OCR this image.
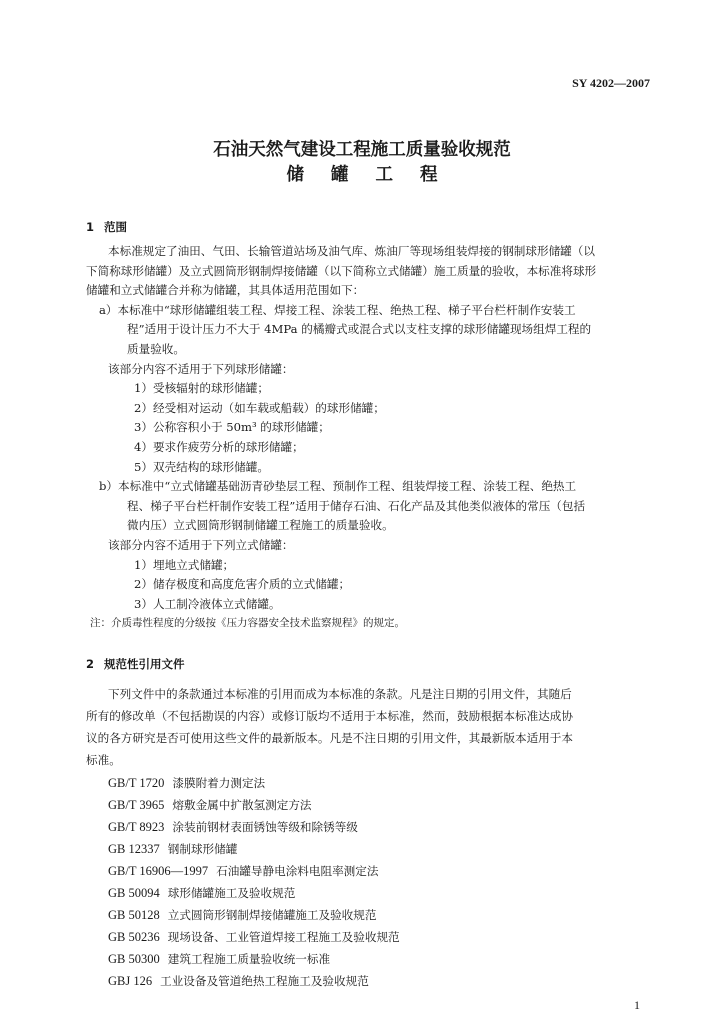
SY 4202—2007
石油天然气建设工程施工质量验收规范
储罐工程
1 范围
本标准规定了油田、气田、长输管道站场及油气库、炼油厂等现场组装焊接的钢制球形储罐（以
下简称球形储罐）及立式圆筒形钢制焊接储罐（以下简称立式储罐）施工质量的验收，本标准将球形
储罐和立式储罐合并称为储罐，其具体适用范围如下：
a）本标准中“球形储罐组装工程、焊接工程、涂装工程、绝热工程、梯子平台栏杆制作安装工
程”适用于设计压力不大于 4MPa 的橘瓣式或混合式以支柱支撑的球形储罐现场组焊工程的
质量验收。
该部分内容不适用于下列球形储罐：
1）受核辐射的球形储罐；
2）经受相对运动（如车载或船载）的球形储罐；
3）公称容积小于 50m³ 的球形储罐；
4）要求作疲劳分析的球形储罐；
5）双壳结构的球形储罐。
b）本标准中“立式储罐基础沥青砂垫层工程、预制作工程、组装焊接工程、涂装工程、绝热工
程、梯子平台栏杆制作安装工程”适用于储存石油、石化产品及其他类似液体的常压（包括
微内压）立式圆筒形钢制储罐工程施工的质量验收。
该部分内容不适用于下列立式储罐：
1）埋地立式储罐；
2）储存极度和高度危害介质的立式储罐；
3）人工制冷液体立式储罐。
注：介质毒性程度的分级按《压力容器安全技术监察规程》的规定。
2 规范性引用文件
下列文件中的条款通过本标准的引用而成为本标准的条款。凡是注日期的引用文件，其随后
所有的修改单（不包括勘误的内容）或修订版均不适用于本标准，然而，鼓励根据本标准达成协
议的各方研究是否可使用这些文件的最新版本。凡是不注日期的引用文件，其最新版本适用于本
标准。
GB/T 1720 漆膜附着力测定法
GB/T 3965 熔敷金属中扩散氢测定方法
GB/T 8923 涂装前钢材表面锈蚀等级和除锈等级
GB 12337 钢制球形储罐
GB/T 16906—1997 石油罐导静电涂料电阻率测定法
GB 50094 球形储罐施工及验收规范
GB 50128 立式圆筒形钢制焊接储罐施工及验收规范
1
GB 50236 现场设备、工业管道焊接工程施工及验收规范
GB 50300 建筑工程施工质量验收统一标准
GBJ 126 工业设备及管道绝热工程施工及验收规范
